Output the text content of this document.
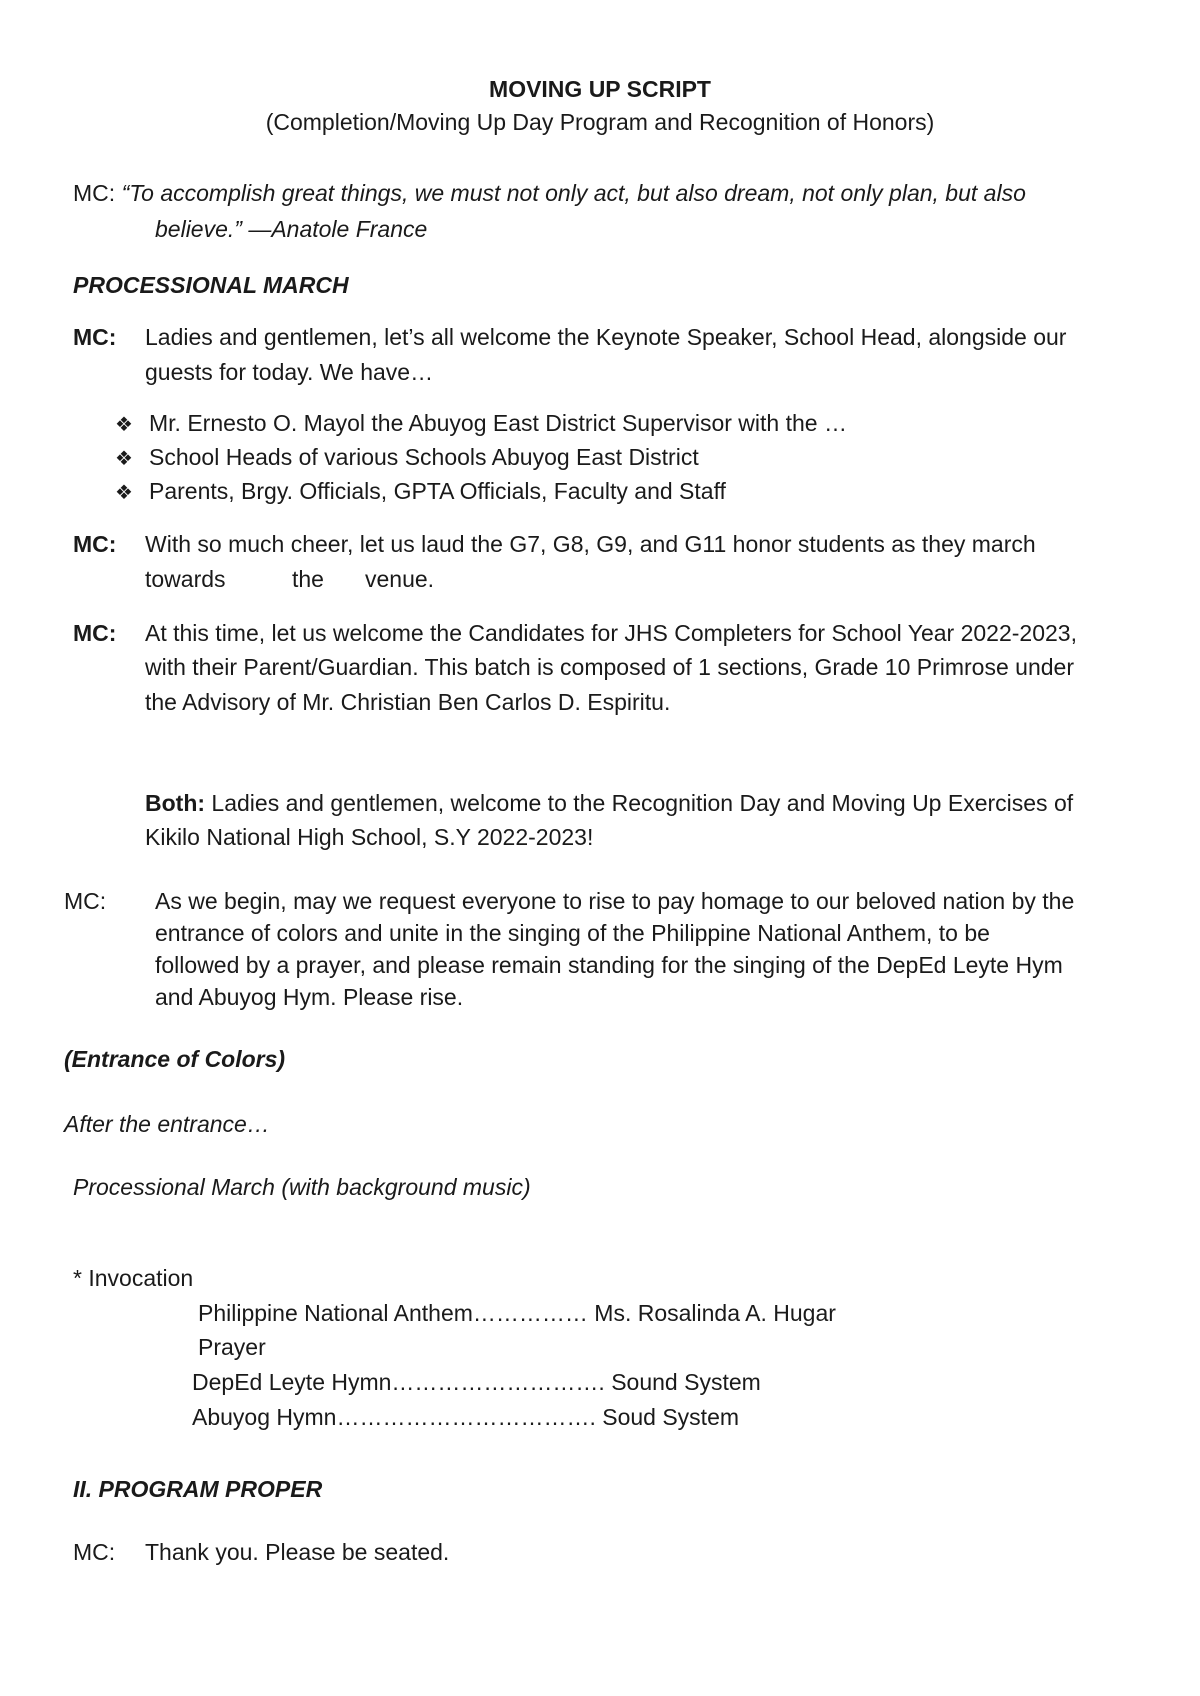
MOVING UP SCRIPT
(Completion/Moving Up Day Program and Recognition of Honors)
MC: “To accomplish great things, we must not only act, but also dream, not only plan, but also
believe.” —Anatole France
PROCESSIONAL MARCH
MC: Ladies and gentlemen, let’s all welcome the Keynote Speaker, School Head, alongside our
guests for today. We have…
❖ Mr. Ernesto O. Mayol the Abuyog East District Supervisor with the …
❖ School Heads of various Schools Abuyog East District
❖ Parents, Brgy. Officials, GPTA Officials, Faculty and Staff
MC: With so much cheer, let us laud the G7, G8, G9, and G11 honor students as they march
towards	the venue.
MC: At this time, let us welcome the Candidates for JHS Completers for School Year 2022-2023,
with their Parent/Guardian. This batch is composed of 1 sections, Grade 10 Primrose under
the Advisory of Mr. Christian Ben Carlos D. Espiritu.
Both: Ladies and gentlemen, welcome to the Recognition Day and Moving Up Exercises of
Kikilo National High School, S.Y 2022-2023!
MC: As we begin, may we request everyone to rise to pay homage to our beloved nation by the
entrance of colors and unite in the singing of the Philippine National Anthem, to be
followed by a prayer, and please remain standing for the singing of the DepEd Leyte Hym
and Abuyog Hym. Please rise.
(Entrance of Colors)
After the entrance…
Processional March (with background music)
* Invocation
Philippine National Anthem…………… Ms. Rosalinda A. Hugar
Prayer
DepEd Leyte Hymn………………………. Sound System
Abuyog Hymn……………………………. Soud System
II. PROGRAM PROPER
MC: Thank you. Please be seated.
